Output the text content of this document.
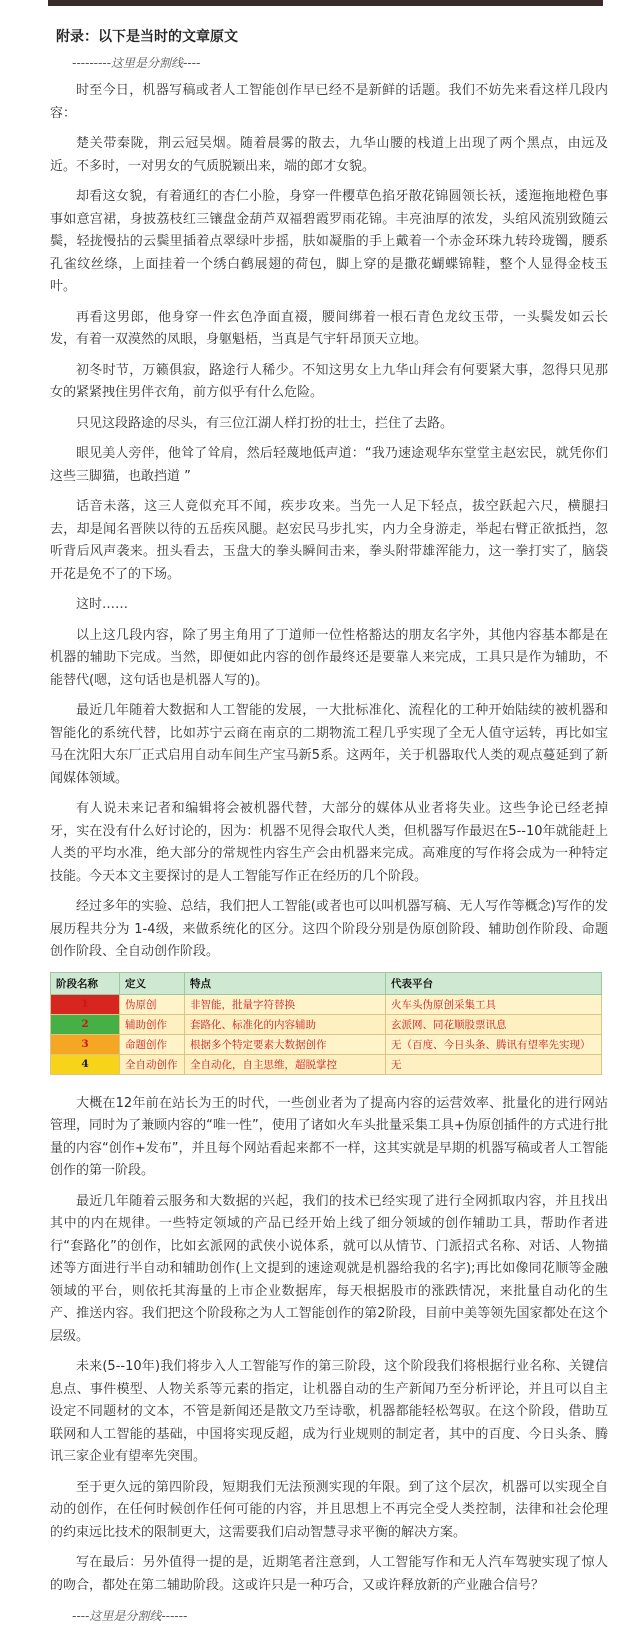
附录：以下是当时的文章原文
---------这里是分割线----

时至今日，机器写稿或者人工智能创作早已经不是新鲜的话题。我们不妨先来看这样几段内容：

楚关带秦陇，荆云冠吴烟。随着晨雾的散去，九华山腰的栈道上出现了两个黑点，由远及近。不多时，一对男女的气质脱颖出来，端的郎才女貌。

却看这女貌，有着通红的杏仁小脸，身穿一件樱草色掐牙散花锦圆领长袄，逶迤拖地橙色事事如意宫裙，身披荔枝红三镶盘金葫芦双福碧霞罗雨花锦。丰亮油厚的浓发，头绾风流别致随云鬓，轻拢慢拈的云鬓里插着点翠绿叶步摇，肤如凝脂的手上戴着一个赤金环珠九转玲珑镯，腰系孔雀纹丝绦，上面挂着一个绣白鹤展翅的荷包，脚上穿的是撒花蝴蝶锦鞋，整个人显得金枝玉叶。

再看这男郎，他身穿一件玄色净面直裰，腰间绑着一根石青色龙纹玉带，一头鬓发如云长发，有着一双漠然的凤眼，身躯魁梧，当真是气宇轩昂顶天立地。

初冬时节，万籁俱寂，路途行人稀少。不知这男女上九华山拜会有何要紧大事，忽得只见那女的紧紧拽住男伴衣角，前方似乎有什么危险。

只见这段路途的尽头，有三位江湖人样打扮的壮士，拦住了去路。

眼见美人旁伴，他耸了耸肩，然后轻蔑地低声道：“我乃速途观华东堂堂主赵宏民，就凭你们这些三脚猫，也敢挡道 ”

话音未落，这三人竟似充耳不闻，疾步攻来。当先一人足下轻点，拔空跃起六尺，横腿扫去，却是闻名晋陕以待的五岳疾风腿。赵宏民马步扎实，内力全身游走，举起右臂正欲抵挡，忽听背后风声袭来。扭头看去，玉盘大的拳头瞬间击来，拳头附带雄浑能力，这一拳打实了，脑袋开花是免不了的下场。

这时……

以上这几段内容，除了男主角用了丁道师一位性格豁达的朋友名字外，其他内容基本都是在机器的辅助下完成。当然，即便如此内容的创作最终还是要靠人来完成，工具只是作为辅助，不能替代(嗯，这句话也是机器人写的)。

最近几年随着大数据和人工智能的发展，一大批标准化、流程化的工种开始陆续的被机器和智能化的系统代替，比如苏宁云商在南京的二期物流工程几乎实现了全无人值守运转，再比如宝马在沈阳大东厂正式启用自动车间生产宝马新5系。这两年，关于机器取代人类的观点蔓延到了新闻媒体领域。

有人说未来记者和编辑将会被机器代替，大部分的媒体从业者将失业。这些争论已经老掉牙，实在没有什么好讨论的，因为：机器不见得会取代人类，但机器写作最迟在5--10年就能赶上人类的平均水准，绝大部分的常规性内容生产会由机器来完成。高难度的写作将会成为一种特定技能。今天本文主要探讨的是人工智能写作正在经历的几个阶段。

经过多年的实验、总结，我们把人工智能(或者也可以叫机器写稿、无人写作等概念)写作的发展历程共分为 1-4级，来做系统化的区分。这四个阶段分别是伪原创阶段、辅助创作阶段、命题创作阶段、全自动创作阶段。

阶段名称	定义	特点	代表平台
1	伪原创	非智能，批量字符替换	火车头伪原创采集工具
2	辅助创作	套路化、标准化的内容辅助	玄派网、同花顺股票讯息
3	命题创作	根据多个特定要素大数据创作	无（百度、今日头条、腾讯有望率先实现）
4	全自动创作	全自动化，自主思维，超脱掌控	无

大概在12年前在站长为王的时代，一些创业者为了提高内容的运营效率、批量化的进行网站管理，同时为了兼顾内容的“唯一性”，使用了诸如火车头批量采集工具+伪原创插件的方式进行批量的内容“创作+发布”，并且每个网站看起来都不一样，这其实就是早期的机器写稿或者人工智能创作的第一阶段。

最近几年随着云服务和大数据的兴起，我们的技术已经实现了进行全网抓取内容，并且找出其中的内在规律。一些特定领域的产品已经开始上线了细分领域的创作辅助工具，帮助作者进行“套路化”的创作，比如玄派网的武侠小说体系，就可以从情节、门派招式名称、对话、人物描述等方面进行半自动和辅助创作(上文提到的速途观就是机器给我的名字);再比如像同花顺等金融领域的平台，则依托其海量的上市企业数据库，每天根据股市的涨跌情况，来批量自动化的生产、推送内容。我们把这个阶段称之为人工智能创作的第2阶段，目前中美等领先国家都处在这个层级。

未来(5--10年)我们将步入人工智能写作的第三阶段，这个阶段我们将根据行业名称、关键信息点、事件模型、人物关系等元素的指定，让机器自动的生产新闻乃至分析评论，并且可以自主设定不同题材的文本，不管是新闻还是散文乃至诗歌，机器都能轻松驾驭。在这个阶段，借助互联网和人工智能的基础，中国将实现反超，成为行业规则的制定者，其中的百度、今日头条、腾讯三家企业有望率先突围。

至于更久远的第四阶段，短期我们无法预测实现的年限。到了这个层次，机器可以实现全自动的创作，在任何时候创作任何可能的内容，并且思想上不再完全受人类控制，法律和社会伦理的约束远比技术的限制更大，这需要我们启动智慧寻求平衡的解决方案。

写在最后：另外值得一提的是，近期笔者注意到，人工智能写作和无人汽车驾驶实现了惊人的吻合，都处在第二辅助阶段。这或许只是一种巧合，又或许释放新的产业融合信号？

----这里是分割线------
